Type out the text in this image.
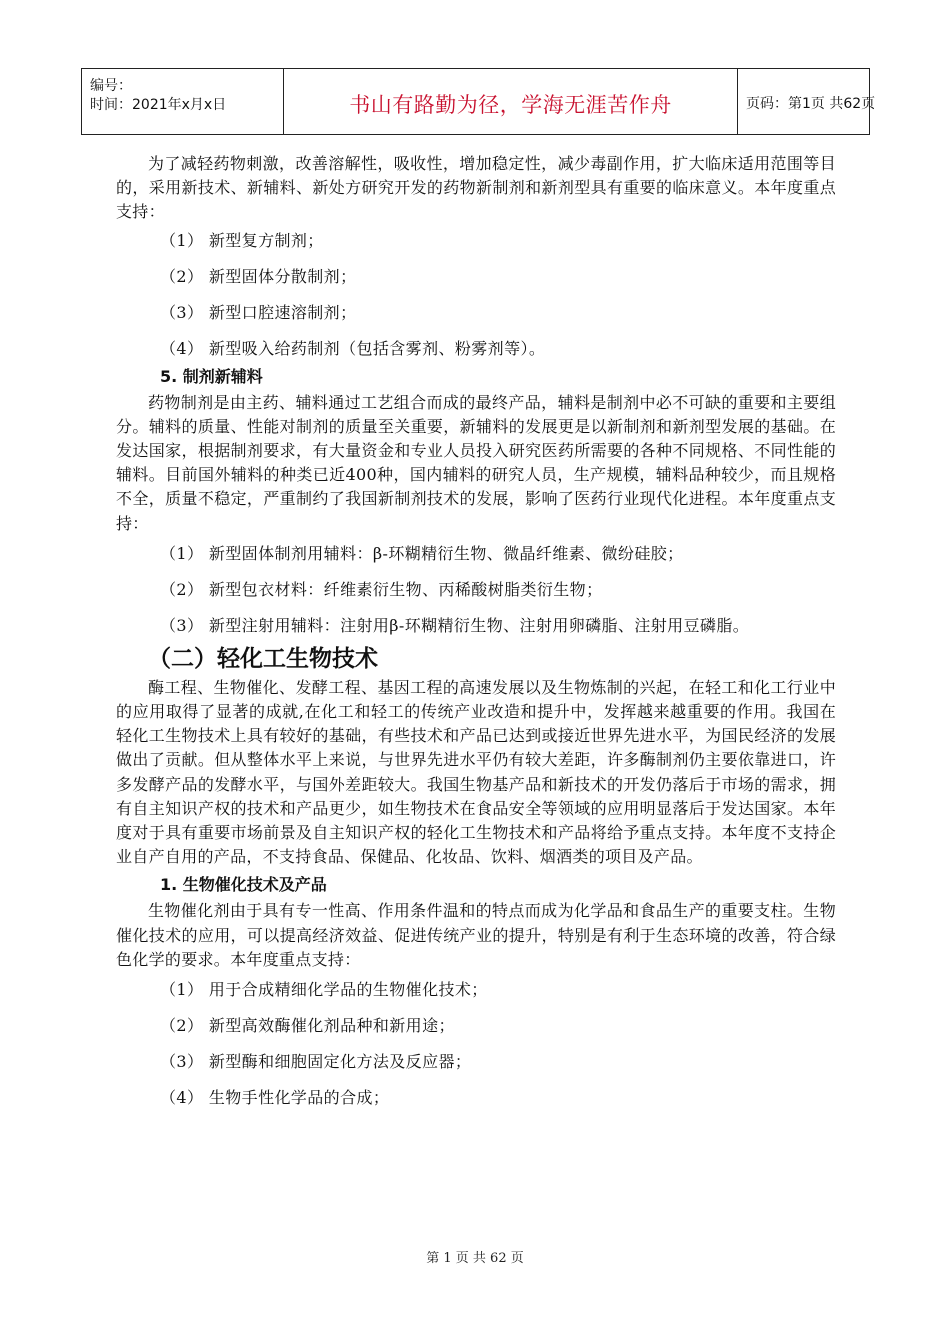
编号：
时间：2021年x月x日	书山有路勤为径，学海无涯苦作舟	页码：第1页 共62页

为了减轻药物刺激，改善溶解性，吸收性，增加稳定性，减少毒副作用，扩大临床适用范围等目的，采用新技术、新辅料、新处方研究开发的药物新制剂和新剂型具有重要的临床意义。本年度重点支持：

（1） 新型复方制剂；

（2） 新型固体分散制剂；

（3） 新型口腔速溶制剂；

（4） 新型吸入给药制剂（包括含雾剂、粉雾剂等）。

5. 制剂新辅料

药物制剂是由主药、辅料通过工艺组合而成的最终产品，辅料是制剂中必不可缺的重要和主要组分。辅料的质量、性能对制剂的质量至关重要，新辅料的发展更是以新制剂和新剂型发展的基础。在发达国家，根据制剂要求，有大量资金和专业人员投入研究医药所需要的各种不同规格、不同性能的辅料。目前国外辅料的种类已近400种，国内辅料的研究人员，生产规模，辅料品种较少，而且规格不全，质量不稳定，严重制约了我国新制剂技术的发展，影响了医药行业现代化进程。本年度重点支持：

（1） 新型固体制剂用辅料：β-环糊精衍生物、微晶纤维素、微纷硅胶；

（2） 新型包衣材料：纤维素衍生物、丙稀酸树脂类衍生物；

（3） 新型注射用辅料：注射用β-环糊精衍生物、注射用卵磷脂、注射用豆磷脂。

（二）轻化工生物技术

酶工程、生物催化、发酵工程、基因工程的高速发展以及生物炼制的兴起，在轻工和化工行业中的应用取得了显著的成就,在化工和轻工的传统产业改造和提升中，发挥越来越重要的作用。我国在轻化工生物技术上具有较好的基础，有些技术和产品已达到或接近世界先进水平，为国民经济的发展做出了贡献。但从整体水平上来说，与世界先进水平仍有较大差距，许多酶制剂仍主要依靠进口，许多发酵产品的发酵水平，与国外差距较大。我国生物基产品和新技术的开发仍落后于市场的需求，拥有自主知识产权的技术和产品更少，如生物技术在食品安全等领域的应用明显落后于发达国家。本年度对于具有重要市场前景及自主知识产权的轻化工生物技术和产品将给予重点支持。本年度不支持企业自产自用的产品，不支持食品、保健品、化妆品、饮料、烟酒类的项目及产品。

1. 生物催化技术及产品

生物催化剂由于具有专一性高、作用条件温和的特点而成为化学品和食品生产的重要支柱。生物催化技术的应用，可以提高经济效益、促进传统产业的提升，特别是有利于生态环境的改善，符合绿色化学的要求。本年度重点支持：

（1） 用于合成精细化学品的生物催化技术；

（2） 新型高效酶催化剂品种和新用途；

（3） 新型酶和细胞固定化方法及反应器；

（4） 生物手性化学品的合成；

第 1 页 共 62 页
